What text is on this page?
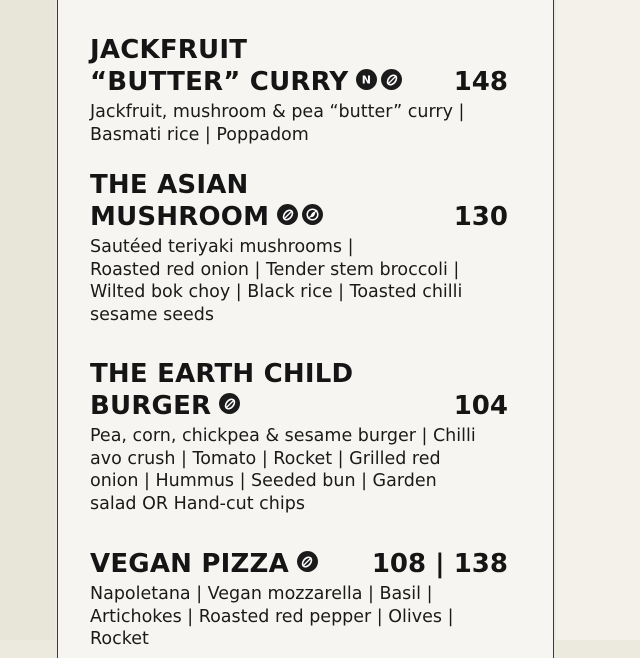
JACKFRUIT
“BUTTER” CURRY N	148
Jackfruit, mushroom & pea “butter” curry |
Basmati rice | Poppadom
THE ASIAN
MUSHROOM	130
Sautéed teriyaki mushrooms |
Roasted red onion | Tender stem broccoli |
Wilted bok choy | Black rice | Toasted chilli
sesame seeds
THE EARTH CHILD
BURGER	104
Pea, corn, chickpea & sesame burger | Chilli
avo crush | Tomato | Rocket | Grilled red
onion | Hummus | Seeded bun | Garden
salad OR Hand-cut chips
VEGAN PIZZA	108 | 138
Napoletana | Vegan mozzarella | Basil |
Artichokes | Roasted red pepper | Olives |
Rocket
